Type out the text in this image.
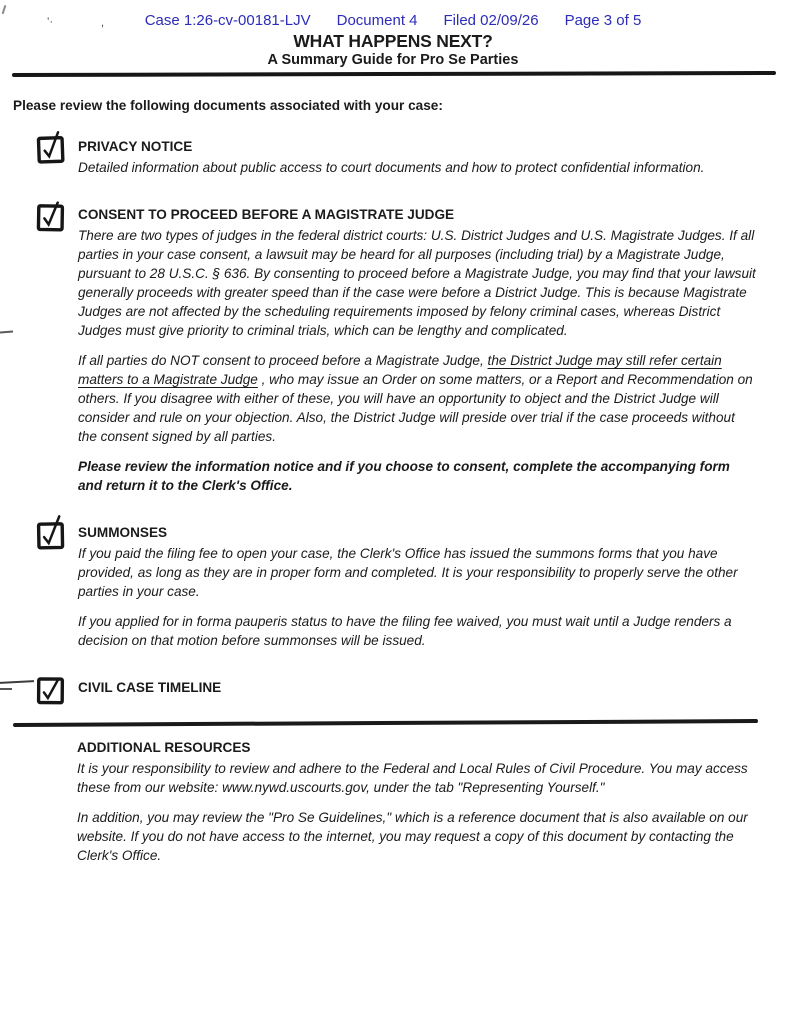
‛·	,	Case 1:26-cv-00181-LJV Document 4 Filed 02/09/26 Page 3 of 5
WHAT HAPPENS NEXT?
A Summary Guide for Pro Se Parties
Please review the following documents associated with your case:
PRIVACY NOTICE

Detailed information about public access to court documents and how to protect confidential information.

CONSENT TO PROCEED BEFORE A MAGISTRATE JUDGE

There are two types of judges in the federal district courts: U.S. District Judges and U.S. Magistrate Judges. If all parties in your case consent, a lawsuit may be heard for all purposes (including trial) by a Magistrate Judge, pursuant to 28 U.S.C. § 636. By consenting to proceed before a Magistrate Judge, you may find that your lawsuit generally proceeds with greater speed than if the case were before a District Judge. This is because Magistrate Judges are not affected by the scheduling requirements imposed by felony criminal cases, whereas District Judges must give priority to criminal trials, which can be lengthy and complicated.

If all parties do NOT consent to proceed before a Magistrate Judge, the District Judge may still refer certain matters to a Magistrate Judge , who may issue an Order on some matters, or a Report and Recommendation on others. If you disagree with either of these, you will have an opportunity to object and the District Judge will consider and rule on your objection. Also, the District Judge will preside over trial if the case proceeds without the consent signed by all parties.

Please review the information notice and if you choose to consent, complete the accompanying form and return it to the Clerk's Office.

SUMMONSES

If you paid the filing fee to open your case, the Clerk's Office has issued the summons forms that you have provided, as long as they are in proper form and completed. It is your responsibility to properly serve the other parties in your case.

If you applied for in forma pauperis status to have the filing fee waived, you must wait until a Judge renders a decision on that motion before summonses will be issued.

CIVIL CASE TIMELINE
ADDITIONAL RESOURCES

It is your responsibility to review and adhere to the Federal and Local Rules of Civil Procedure. You may access these from our website: www.nywd.uscourts.gov, under the tab "Representing Yourself."

In addition, you may review the "Pro Se Guidelines," which is a reference document that is also available on our website. If you do not have access to the internet, you may request a copy of this document by contacting the Clerk's Office.
